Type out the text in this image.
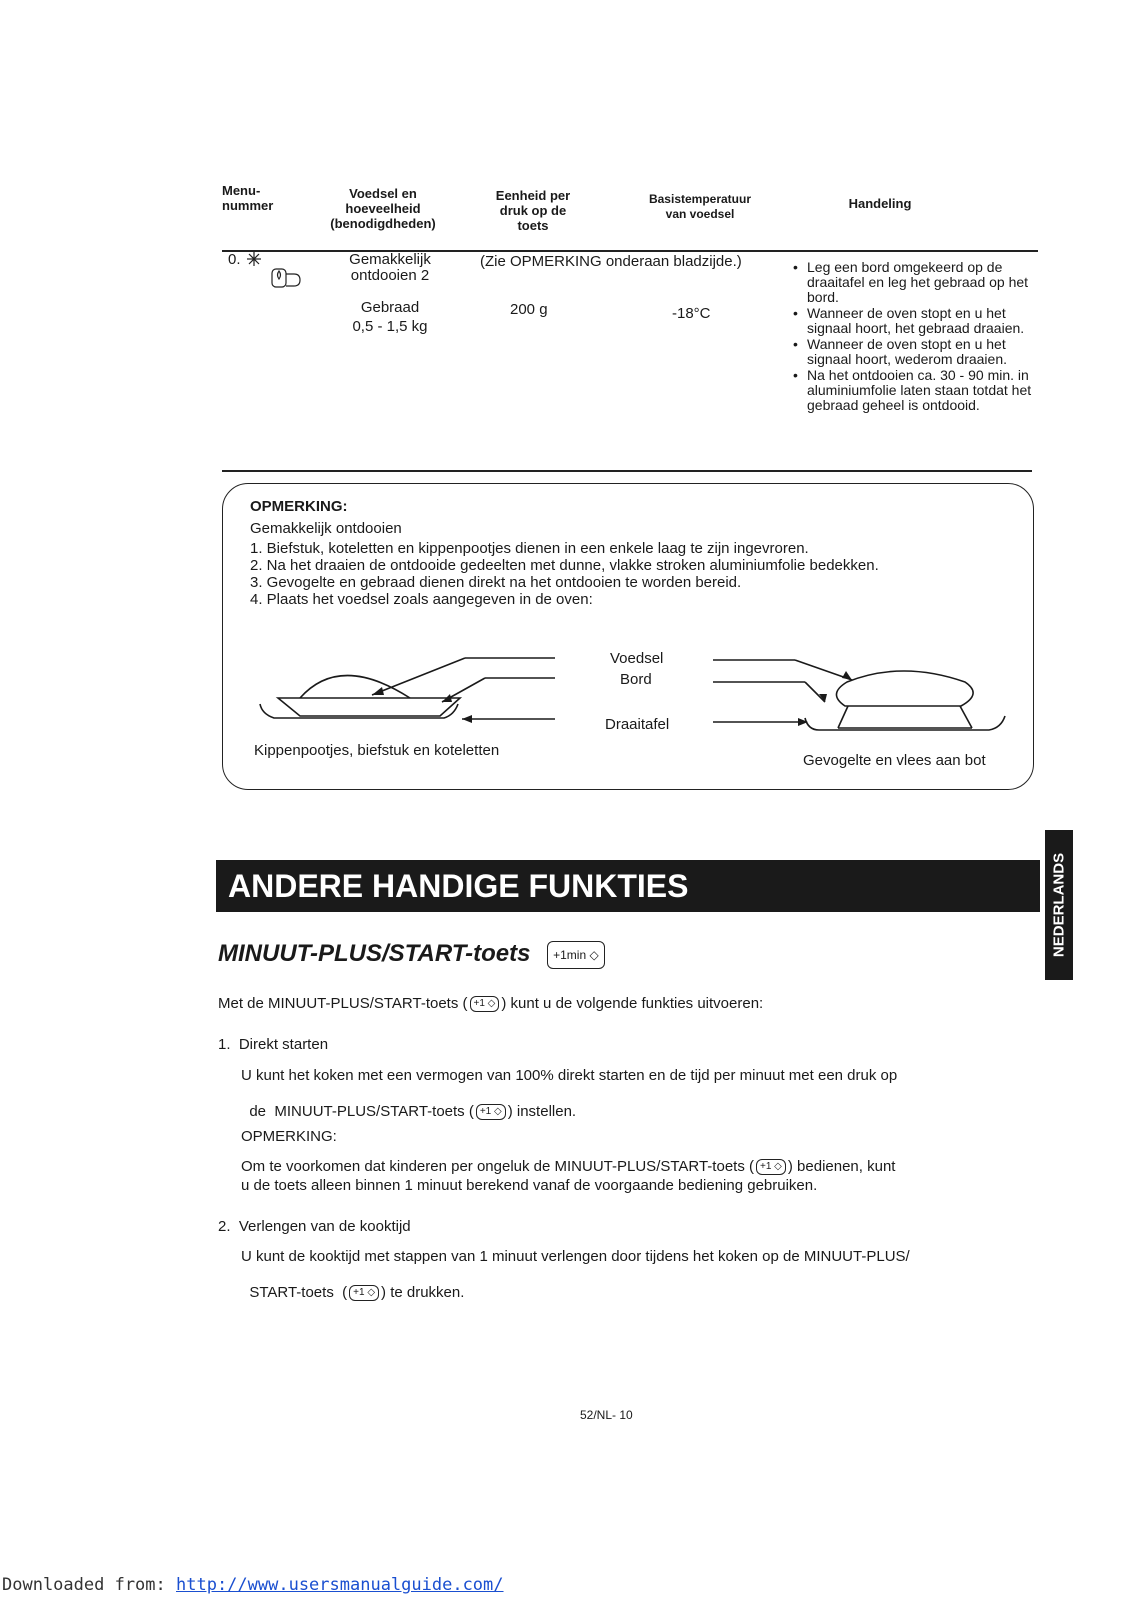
Menu-
nummer
Voedsel en
hoeveelheid
(benodigdheden)
Eenheid per
druk op de
toets
Basistemperatuur
van voedsel
Handeling
0.	Gemakkelijk
ontdooien 2
(Zie OPMERKING onderaan bladzijde.)
Gebraad
0,5 - 1,5 kg
200 g	-18°C
• Leg een bord omgekeerd op de draaitafel en leg het gebraad op het bord.
• Wanneer de oven stopt en u het signaal hoort, het gebraad draaien.
• Wanneer de oven stopt en u het signaal hoort, wederom draaien.
• Na het ontdooien ca. 30 - 90 min. in aluminiumfolie laten staan totdat het gebraad geheel is ontdooid.
OPMERKING:
Gemakkelijk ontdooien
1. Biefstuk, koteletten en kippenpootjes dienen in een enkele laag te zijn ingevroren.
2. Na het draaien de ontdooide gedeelten met dunne, vlakke stroken aluminiumfolie bedekken.
3. Gevogelte en gebraad dienen direkt na het ontdooien te worden bereid.
4. Plaats het voedsel zoals aangegeven in de oven:
Voedsel
Bord
Draaitafel
Kippenpootjes, biefstuk en koteletten
Gevogelte en vlees aan bot
ANDERE HANDIGE FUNKTIES
MINUUT-PLUS/START-toets +1min ◇
Met de MINUUT-PLUS/START-toets ( +1 ◇ ) kunt u de volgende funkties uitvoeren:
1.  Direkt starten
U kunt het koken met een vermogen van 100% direkt starten en de tijd per minuut met een druk op

de  MINUUT-PLUS/START-toets ( +1 ◇ ) instellen.

OPMERKING:
Om te voorkomen dat kinderen per ongeluk de MINUUT-PLUS/START-toets ( +1 ◇ ) bedienen, kunt
u de toets alleen binnen 1 minuut berekend vanaf de voorgaande bediening gebruiken.
2.  Verlengen van de kooktijd
U kunt de kooktijd met stappen van 1 minuut verlengen door tijdens het koken op de MINUUT-PLUS/

START-toets  ( +1 ◇ ) te drukken.

NEDERLANDS
52/NL- 10
Downloaded from: http://www.usersmanualguide.com/
